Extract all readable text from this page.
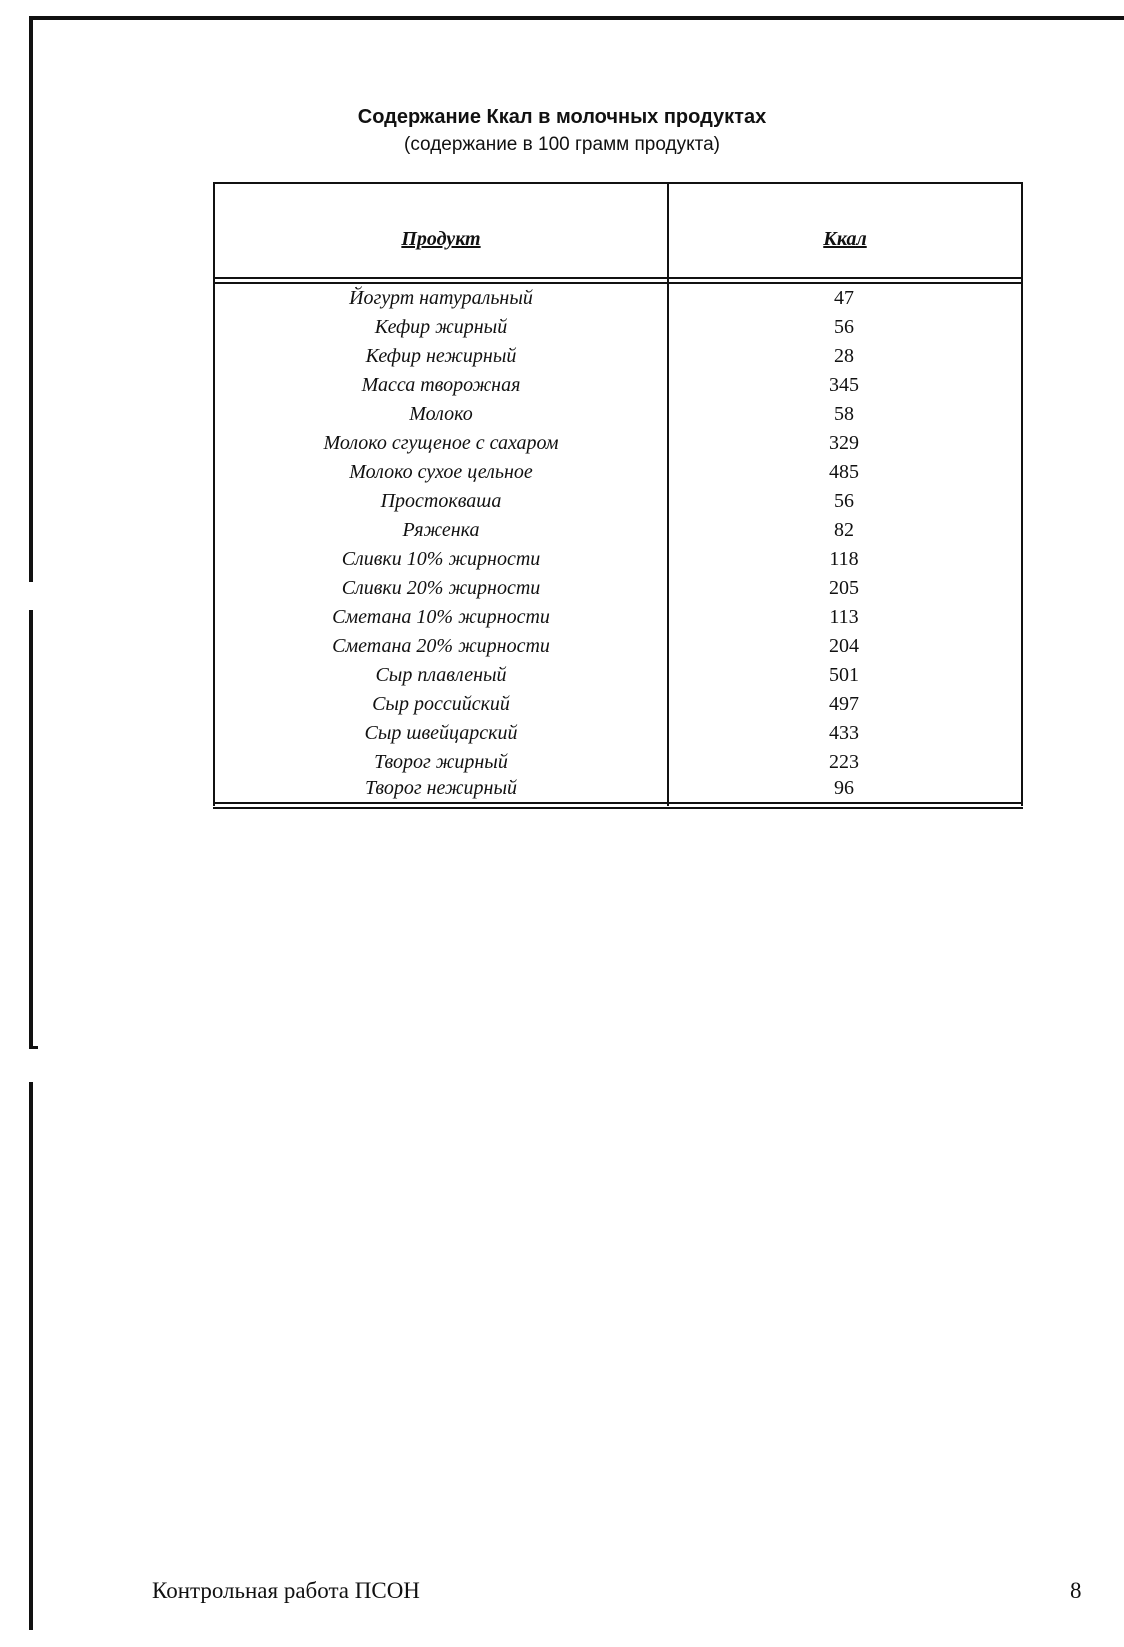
Содержание Ккал в молочных продуктах

(содержание в 100 грамм продукта)

Продукт	Ккал
Йогурт натуральный	47
Кефир жирный	56
Кефир нежирный	28
Масса творожная	345
Молоко	58
Молоко сгущеное с сахаром	329
Молоко сухое цельное	485
Простокваша	56
Ряженка	82
Сливки 10% жирности	118
Сливки 20% жирности	205
Сметана 10% жирности	113
Сметана 20% жирности	204
Сыр плавленый	501
Сыр российский	497
Сыр швейцарский	433
Творог жирный	223
Творог нежирный	96
Контрольная работа ПСОН	8
